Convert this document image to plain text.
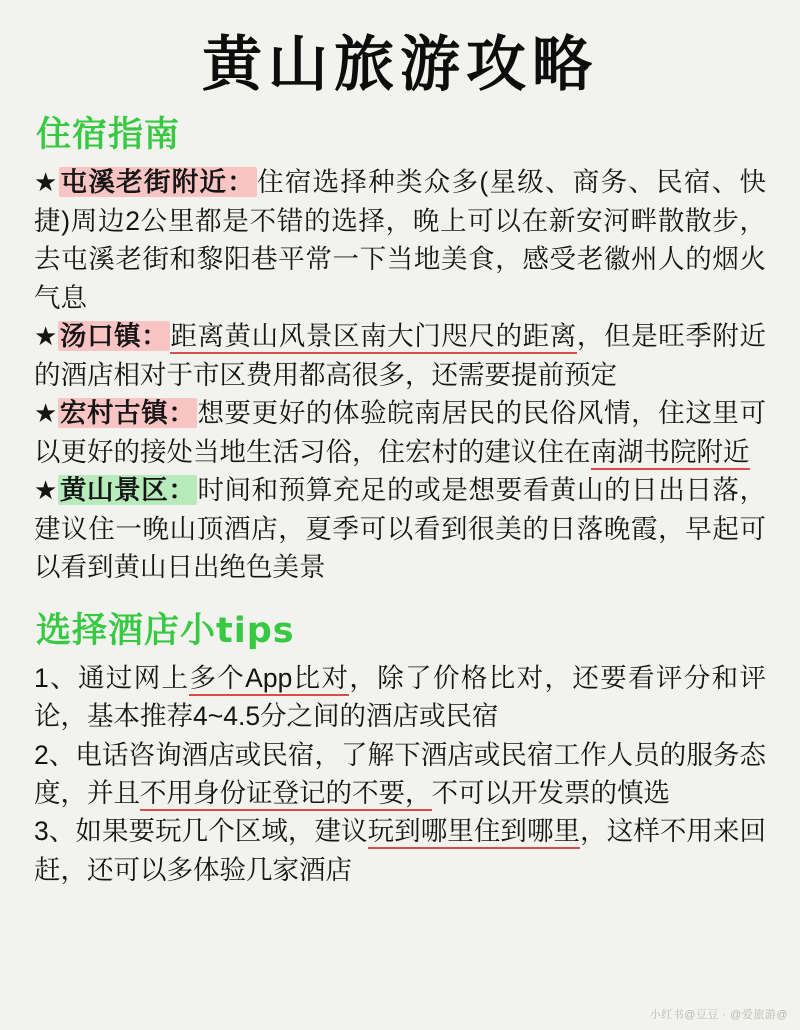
黄山旅游攻略
住宿指南

★屯溪老街附近：住宿选择种类众多(星级、商务、民宿、快捷)周边2公里都是不错的选择，晚上可以在新安河畔散散步，去屯溪老街和黎阳巷平常一下当地美食，感受老徽州人的烟火气息

★汤口镇：距离黄山风景区南大门咫尺的距离，但是旺季附近的酒店相对于市区费用都高很多，还需要提前预定

★宏村古镇：想要更好的体验皖南居民的民俗风情，住这里可以更好的接处当地生活习俗，住宏村的建议住在南湖书院附近

★黄山景区：时间和预算充足的或是想要看黄山的日出日落，建议住一晚山顶酒店，夏季可以看到很美的日落晚霞，早起可以看到黄山日出绝色美景

选择酒店小tips

1、通过网上多个App比对，除了价格比对，还要看评分和评论，基本推荐4~4.5分之间的酒店或民宿

2、电话咨询酒店或民宿，了解下酒店或民宿工作人员的服务态度，并且不用身份证登记的不要，不可以开发票的慎选

3、如果要玩几个区域，建议玩到哪里住到哪里，这样不用来回赶，还可以多体验几家酒店

小红书@豆豆 · @爱旅游@
